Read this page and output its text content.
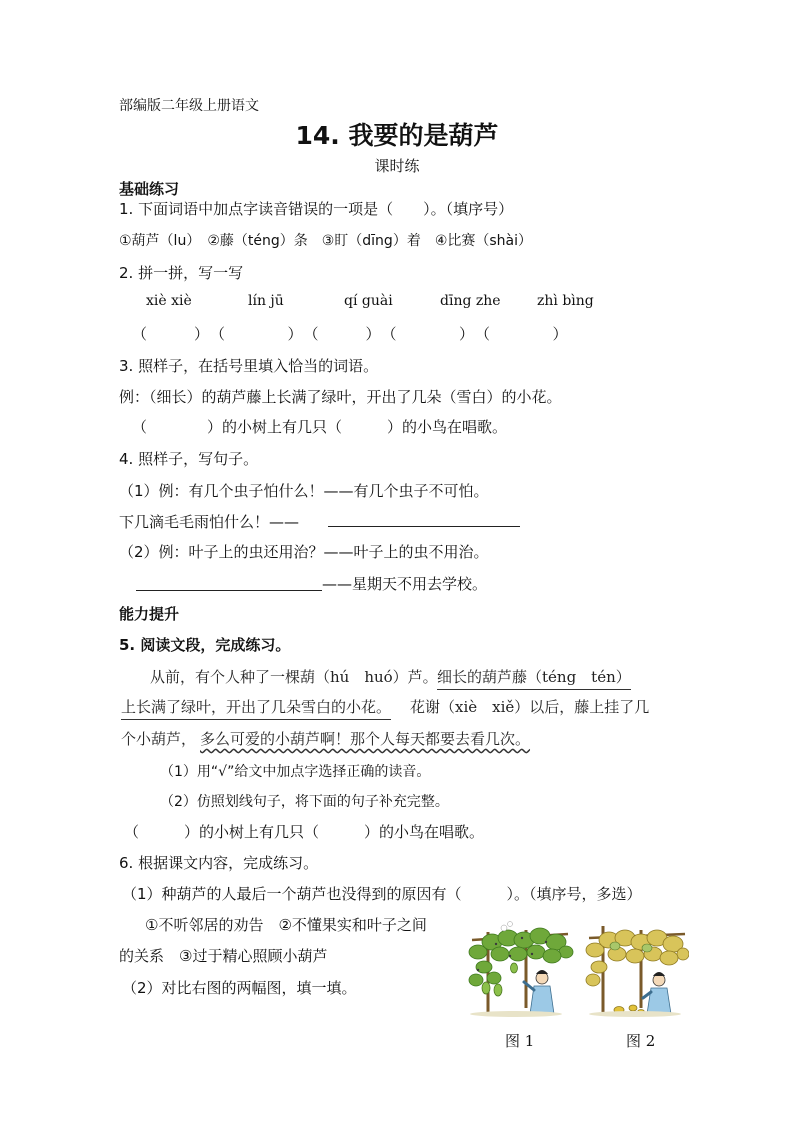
部编版二年级上册语文
14. 我要的是葫芦
课时练
基础练习
1. 下面词语中加点字读音错误的一项是（　　）。（填序号）
①葫芦（lu）　②藤（téng）条　③盯（dīng）着　④比赛（shài）
2. 拼一拼，写一写
xiè xiè	lín jū	qí guài	dīng zhe	zhì bìng
（　　　）　（　　　　）　（　　　）　（　　　　）　（　　　　）
3. 照样子，在括号里填入恰当的词语。
例：（细长）的葫芦藤上长满了绿叶，开出了几朵（雪白）的小花。
（　　　　）的小树上有几只（　　　）的小鸟在唱歌。
4. 照样子，写句子。
（1）例：有几个虫子怕什么！——有几个虫子不可怕。
下几滴毛毛雨怕什么！——
（2）例：叶子上的虫还用治？——叶子上的虫不用治。
——星期天不用去学校。
能力提升
5. 阅读文段，完成练习。
从前，有个人种了一棵葫（hú　huó）芦。 细长的葫芦藤（téng　tén）
上长满了绿叶，开出了几朵雪白的小花。 花谢（xiè　xiě）以后，藤上挂了几
个小葫芦， 多么可爱的小葫芦啊！那个人每天都要去看几次。
（1）用“√”给文中加点字选择正确的读音。
（2）仿照划线句子，将下面的句子补充完整。
（　　　）的小树上有几只（　　　）的小鸟在唱歌。
6. 根据课文内容，完成练习。
（1）种葫芦的人最后一个葫芦也没得到的原因有（　　　）。（填序号，多选）
①不听邻居的劝告　②不懂果实和叶子之间
的关系　③过于精心照顾小葫芦
（2）对比右图的两幅图，填一填。
图 1	图 2
